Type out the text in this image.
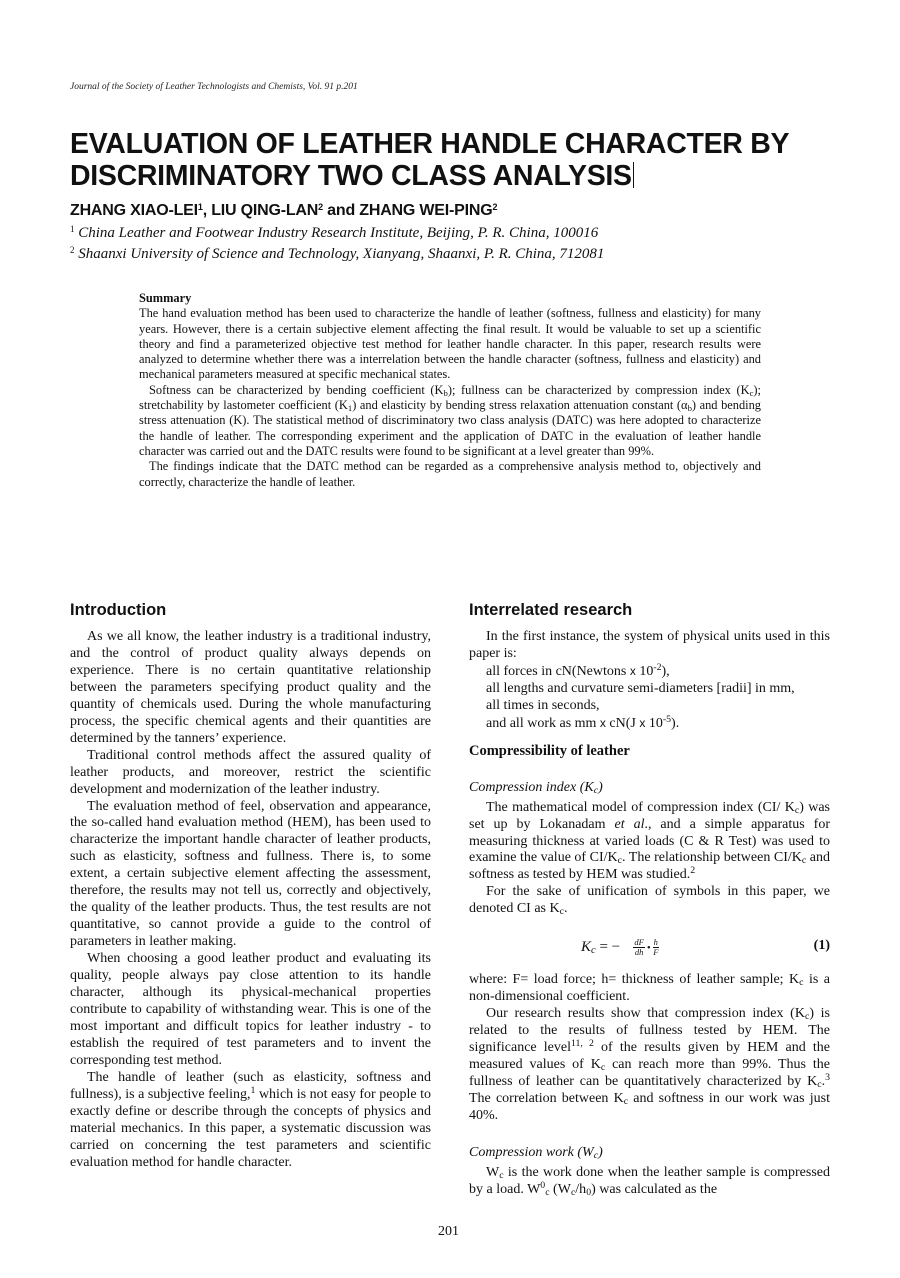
Journal of the Society of Leather Technologists and Chemists, Vol. 91 p.201
EVALUATION OF LEATHER HANDLE CHARACTER BY
DISCRIMINATORY TWO CLASS ANALYSIS
ZHANG XIAO-LEI$^1$, LIU QING-LAN$^2$ and ZHANG WEI-PING$^2$
$^1$ China Leather and Footwear Industry Research Institute, Beijing, P. R. China, 100016
$^2$ Shaanxi University of Science and Technology, Xianyang, Shaanxi, P. R. China, 712081
Summary

The hand evaluation method has been used to characterize the handle of leather (softness, fullness and elasticity) for many years. However, there is a certain subjective element affecting the final result. It would be valuable to set up a scientific theory and find a parameterized objective test method for leather handle character. In this paper, research results were analyzed to determine whether there was a interrelation between the handle character (softness, fullness and elasticity) and mechanical parameters measured at specific mechanical states.

Softness can be characterized by bending coefficient $(K_b)$; fullness can be characterized by compression index $(K_c)$; stretchability by lastometer coefficient $(K_1)$ and elasticity by bending stress relaxation attenuation constant $(\alpha_b)$ and bending stress attenuation (K). The statistical method of discriminatory two class analysis (DATC) was here adopted to characterize the handle of leather. The corresponding experiment and the application of DATC in the evaluation of leather handle character was carried out and the DATC results were found to be significant at a level greater than 99%.

The findings indicate that the DATC method can be regarded as a comprehensive analysis method to, objectively and correctly, characterize the handle of leather.

Introduction

As we all know, the leather industry is a traditional industry, and the control of product quality always depends on experience. There is no certain quantitative relationship between the parameters specifying product quality and the quantity of chemicals used. During the whole manufacturing process, the specific chemical agents and their quantities are determined by the tanners’ experience.

Traditional control methods affect the assured quality of leather products, and moreover, restrict the scientific development and modernization of the leather industry.

The evaluation method of feel, observation and appearance, the so-called hand evaluation method (HEM), has been used to characterize the important handle character of leather products, such as elasticity, softness and fullness. There is, to some extent, a certain subjective element affecting the assessment, therefore, the results may not tell us, correctly and objectively, the quality of the leather products. Thus, the test results are not quantitative, so cannot provide a guide to the control of parameters in leather making.

When choosing a good leather product and evaluating its quality, people always pay close attention to its handle character, although its physical-mechanical properties contribute to capability of withstanding wear. This is one of the most important and difficult topics for leather industry - to establish the required of test parameters and to invent the corresponding test method.

The handle of leather (such as elasticity, softness and fullness), is a subjective feeling,$^1$ which is not easy for people to exactly define or describe through the concepts of physics and material mechanics. In this paper, a systematic discussion was carried on concerning the test parameters and scientific evaluation method for handle character.

Interrelated research

In the first instance, the system of physical units used in this paper is:

all forces in cN(Newtons x $10^{-2}$),
all lengths and curvature semi-diameters [radii] in mm,
all times in seconds,
and all work as mm x cN(J x $10^{-5}$).
Compressibility of leather
Compression index $(K_c)$

The mathematical model of compression index (CI/ $K_c$) was set up by Lokanadam et al., and a simple apparatus for measuring thickness at varied loads (C & R Test) was used to examine the value of $CI/K_c$. The relationship between $CI/K_c$ and softness as tested by HEM was studied.$^2$

For the sake of unification of symbols in this paper, we denoted CI as $K_c$.

$K_c$ = − $\frac{dF}{dh}$ • $\frac{h}{F}$	(1)

where: F= load force; h= thickness of leather sample; $K_c$ is a non-dimensional coefficient.

Our research results show that compression index $(K_c)$ is related to the results of fullness tested by HEM. The significance level$^{11, 2}$ of the results given by HEM and the measured values of $K_c$ can reach more than 99%. Thus the fullness of leather can be quantitatively characterized by $K_c.^3$ The correlation between $K_c$ and softness in our work was just 40%.

Compression work $(W_c)$

$W_c$ is the work done when the leather sample is compressed by a load. $W^0_c$ $(W_c/h_0)$ was calculated as the

201
